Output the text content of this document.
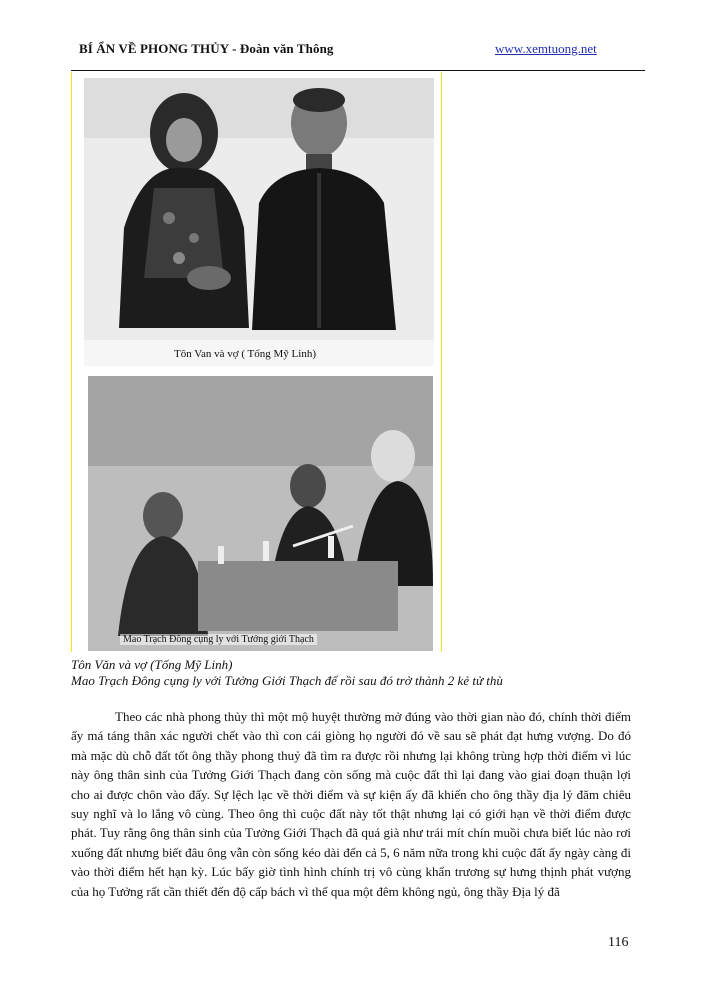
BÍ ẨN VỀ PHONG THỦY - Đoàn văn Thông	www.xemtuong.net
Tôn Van và vợ ( Tống Mỹ Linh)
Mao Trạch Đông cụng ly với Tướng giới Thạch
Tôn Văn và vợ (Tống Mỹ Linh)
Mao Trạch Đông cụng ly với Tưởng Giới Thạch để rồi sau đó trở thành 2 kẻ tử thù
Theo các nhà phong thủy thì một mộ huyệt thường mở đúng vào thời gian nào đó, chính thời điểm ấy má táng thân xác người chết vào thì con cái giòng họ người đó về sau sẽ phát đạt hưng vượng. Do đó mà mặc dù chỗ đất tốt ông thầy phong thuỷ đã tìm ra được rồi nhưng lại không trùng hợp thời điểm vì lúc này ông thân sinh của Tưởng Giới Thạch đang còn sống mà cuộc đất thì lại đang vào giai đoạn thuận lợi cho ai được chôn vào đấy. Sự lệch lạc về thời điểm và sự kiện ấy đã khiến cho ông thầy địa lý đăm chiêu suy nghĩ và lo lắng vô cùng. Theo ông thì cuộc đất này tốt thật nhưng lại có giới hạn về thời điểm được phát. Tuy rằng ông thân sinh của Tưởng Giới Thạch đã quá già như trái mít chín muồi chưa biết lúc nào rơi xuống đất nhưng biết đâu ông vẫn còn sống kéo dài đến cả 5, 6 năm nữa trong khi cuộc đất ấy ngày càng đi vào thời điểm hết hạn kỳ. Lúc bấy giờ tình hình chính trị vô cùng khẩn trương sự hưng thịnh phát vượng của họ Tưởng rất cần thiết đến độ cấp bách vì thế qua một đêm không ngủ, ông thầy Địa lý đã
116
